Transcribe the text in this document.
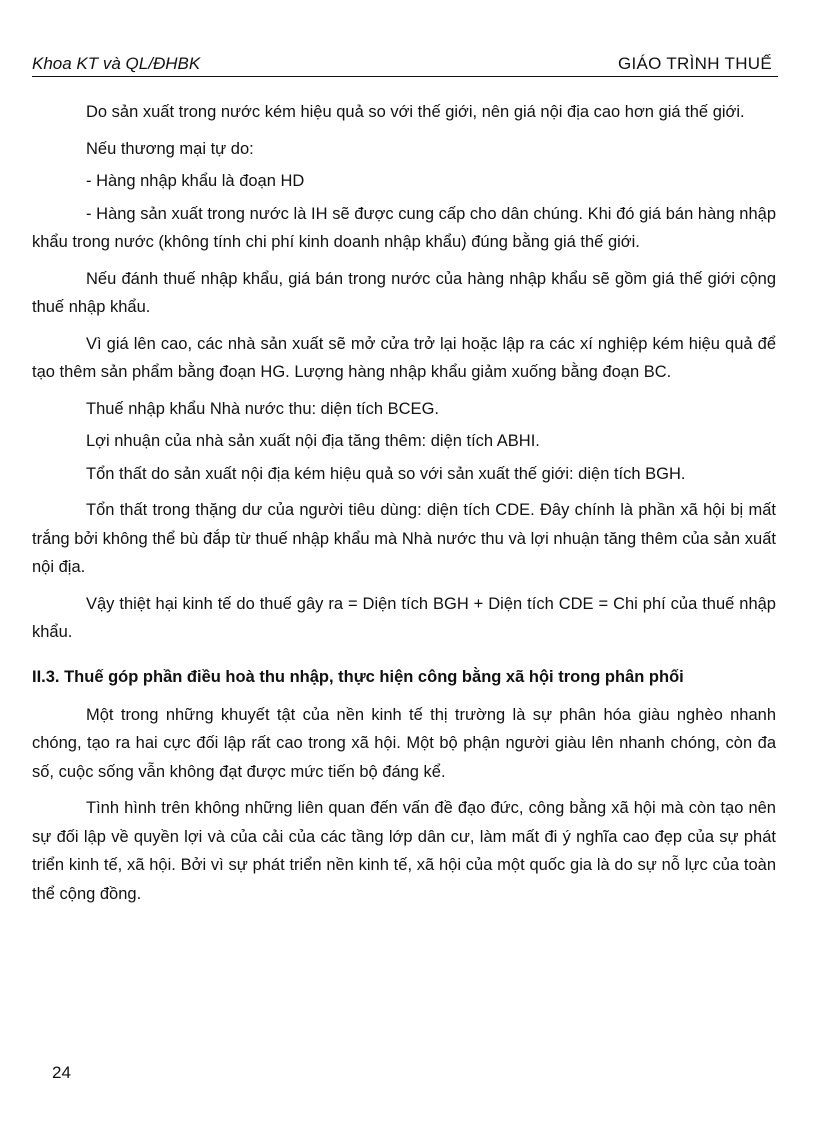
Khoa KT và QL/ĐHBK	GIÁO TRÌNH THUẾ

Do sản xuất trong nước kém hiệu quả so với thế giới, nên giá nội địa cao hơn giá thế giới.

Nếu thương mại tự do:

- Hàng nhập khẩu là đoạn HD

- Hàng sản xuất trong nước là IH sẽ được cung cấp cho dân chúng. Khi đó giá bán hàng nhập khẩu trong nước (không tính chi phí kinh doanh nhập khẩu) đúng bằng giá thế giới.

Nếu đánh thuế nhập khẩu, giá bán trong nước của hàng nhập khẩu sẽ gồm giá thế giới cộng thuế nhập khẩu.

Vì giá lên cao, các nhà sản xuất sẽ mở cửa trở lại hoặc lập ra các xí nghiệp kém hiệu quả để tạo thêm sản phẩm bằng đoạn HG. Lượng hàng nhập khẩu giảm xuống bằng đoạn BC.

Thuế nhập khẩu Nhà nước thu: diện tích BCEG.

Lợi nhuận của nhà sản xuất nội địa tăng thêm: diện tích ABHI.

Tổn thất do sản xuất nội địa kém hiệu quả so với sản xuất thế giới: diện tích BGH.

Tổn thất trong thặng dư của người tiêu dùng: diện tích CDE. Đây chính là phần xã hội bị mất trắng bởi không thể bù đắp từ thuế nhập khẩu mà Nhà nước thu và lợi nhuận tăng thêm của sản xuất nội địa.

Vậy thiệt hại kinh tế do thuế gây ra = Diện tích BGH + Diện tích CDE = Chi phí của thuế nhập khẩu.

II.3. Thuế góp phần điều hoà thu nhập, thực hiện công bằng xã hội trong phân phối

Một trong những khuyết tật của nền kinh tế thị trường là sự phân hóa giàu nghèo nhanh chóng, tạo ra hai cực đối lập rất cao trong xã hội. Một bộ phận người giàu lên nhanh chóng, còn đa số, cuộc sống vẫn không đạt được mức tiến bộ đáng kể.

Tình hình trên không những liên quan đến vấn đề đạo đức, công bằng xã hội mà còn tạo nên sự đối lập về quyền lợi và của cải của các tầng lớp dân cư, làm mất đi ý nghĩa cao đẹp của sự phát triển kinh tế, xã hội. Bởi vì sự phát triển nền kinh tế, xã hội của một quốc gia là do sự nỗ lực của toàn thể cộng đồng.

24
